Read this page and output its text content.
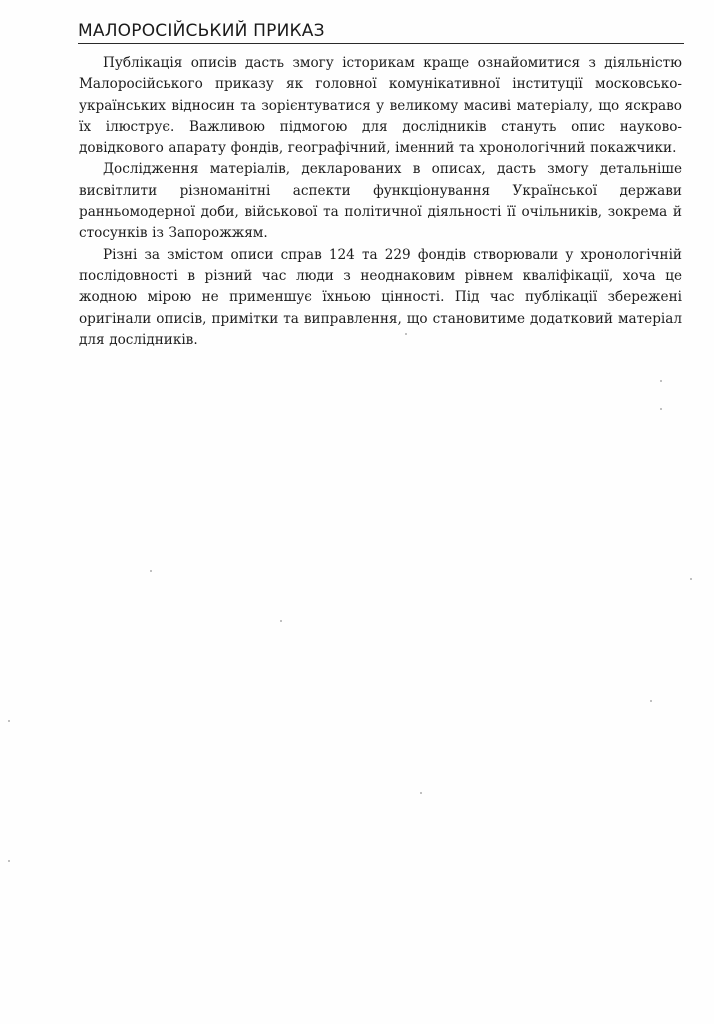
МАЛОРОСІЙСЬКИЙ ПРИКАЗ

Публікація описів дасть змогу історикам краще ознайомитися з діяльністю Малоросійського приказу як головної комунікативної інституції московсько-українських відносин та зорієнтуватися у великому масиві матеріалу, що яскраво їх ілюструє. Важливою підмогою для дослідників стануть опис науково-довідкового апарату фондів, географічний, іменний та хронологічний покажчики.

Дослідження матеріалів, декларованих в описах, дасть змогу детальніше висвітлити різноманітні аспекти функціонування Української держави ранньомодерної доби, військової та політичної діяльності її очільників, зокрема й стосунків із Запорожжям.

Різні за змістом описи справ 124 та 229 фондів створювали у хронологічній послідовності в різний час люди з неоднаковим рівнем кваліфікації, хоча це жодною мірою не применшує їхньою цінності. Під час публікації збережені оригінали описів, примітки та виправлення, що становитиме додатковий матеріал для дослідників.
